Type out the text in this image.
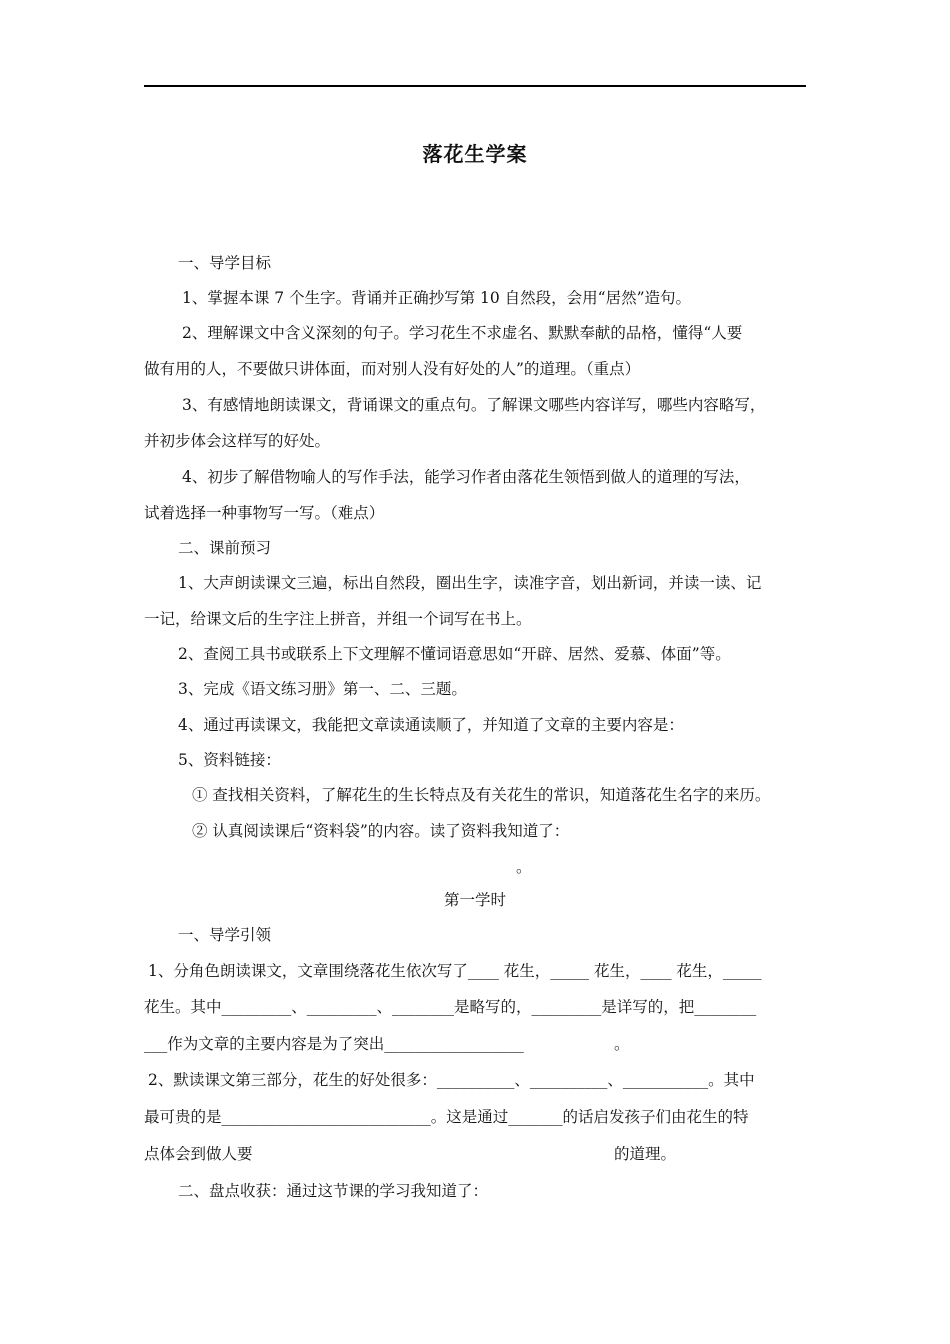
落花生学案
一、导学目标
1、掌握本课 7 个生字。背诵并正确抄写第 10 自然段，会用“居然”造句。
2、理解课文中含义深刻的句子。学习花生不求虚名、默默奉献的品格，懂得“人要
做有用的人，不要做只讲体面，而对别人没有好处的人”的道理。（重点）
3、有感情地朗读课文，背诵课文的重点句。了解课文哪些内容详写，哪些内容略写，
并初步体会这样写的好处。
4、初步了解借物喻人的写作手法，能学习作者由落花生领悟到做人的道理的写法，
试着选择一种事物写一写。（难点）
二、课前预习
1、大声朗读课文三遍，标出自然段，圈出生字，读准字音，划出新词，并读一读、记
一记，给课文后的生字注上拼音，并组一个词写在书上。
2、查阅工具书或联系上下文理解不懂词语意思如“开辟、居然、爱慕、体面”等。
3、完成《语文练习册》第一、二、三题。
4、通过再读课文，我能把文章读通读顺了，并知道了文章的主要内容是：
5、资料链接：
① 查找相关资料，了解花生的生长特点及有关花生的常识，知道落花生名字的来历。
② 认真阅读课后“资料袋”的内容。读了资料我知道了：
。
第一学时
一、导学引领
1、分角色朗读课文，文章围绕落花生依次写了____ 花生，_____ 花生，____ 花生，_____
花生。其中_________、_________、________是略写的，_________是详写的，把________
___作为文章的主要内容是为了突出__________________	。
2、默读课文第三部分，花生的好处很多：__________、__________、___________。其中
最可贵的是___________________________。这是通过_______的话启发孩子们由花生的特
点体会到做人要	的道理。
二、盘点收获：通过这节课的学习我知道了：
